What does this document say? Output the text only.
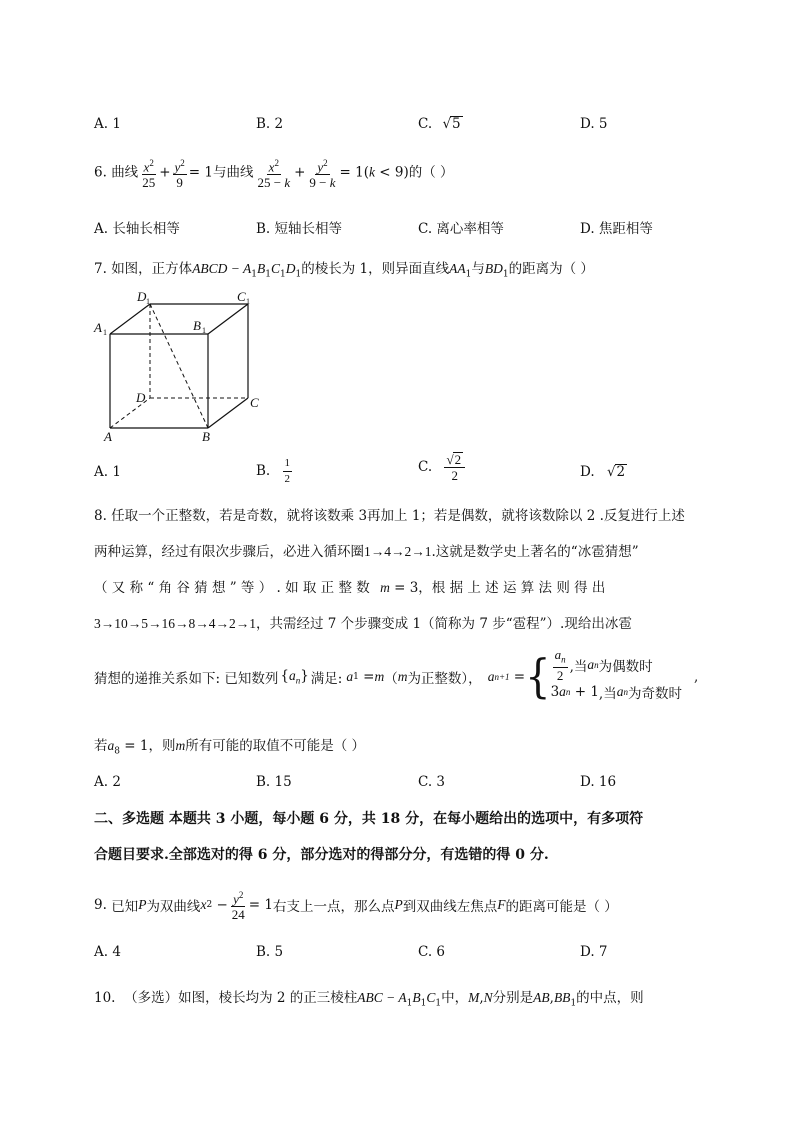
A. 1	B. 2	C. √5	D. 5
6. 曲线 $\frac{x^2}{25} + \frac{y^2}{9} = 1$与曲线 $\frac{x^2}{25 - k} + \frac{y^2}{9 - k} = 1(k < 9)$的（ ）
A. 长轴长相等	B. 短轴长相等	C. 离心率相等	D. 焦距相等
7. 如图，正方体ABCD − $A_1B_1C_1D_1$的棱长为 1，则异面直线$AA_1$与$BD_1$的距离为（ ）
D 1	C 1
A 1	B 1
D	C
A	B
A. 1	B. $\frac{1}{2}$	C. $\frac{√2}{2}$	D. √2
8. 任取一个正整数，若是奇数，就将该数乘 3再加上 1；若是偶数，就将该数除以 2 .反复进行上述
两种运算，经过有限次步骤后，必进入循环圈1→4→2→1.这就是数学史上著名的“冰雹猜想”
（ 又 称 “ 角 谷 猜 想 ” 等 ） . 如 取 正 整 数 m = 3，根 据 上 述 运 算 法 则 得 出
3→10→5→16→8→4→2→1，共需经过 7 个步骤变成 1（简称为 7 步“雹程”）.现给出冰雹
猜想的递推关系如下: 已知数列 $\{a_n\}$ 满足: a 1 = m （ m 为正整数）， a n+1 = { $\frac{a_n}{2}$ ,当 a n 为偶数时
3 a n + 1 ,当 a n 为奇数时
,
若$a_8 = 1$，则m所有可能的取值不可能是（ ）
A. 2	B. 15	C. 3	D. 16
二、多选题 本题共 3 小题，每小题 6 分，共 18 分，在每小题给出的选项中，有多项符
合题目要求.全部选对的得 6 分，部分选对的得部分分，有选错的得 0 分.
9.
已知 P 为双曲线 x $2 - \frac{y^2}{24} = 1$ 右支上一点，那么点 P 到双曲线左焦点 F 的距离可能是（ ）
A. 4	B. 5	C. 6	D. 7
10. （多选）如图，棱长均为 2 的正三棱柱ABC − $A_1B_1C_1$中，M,N分别是$AB,BB_1$的中点，则
